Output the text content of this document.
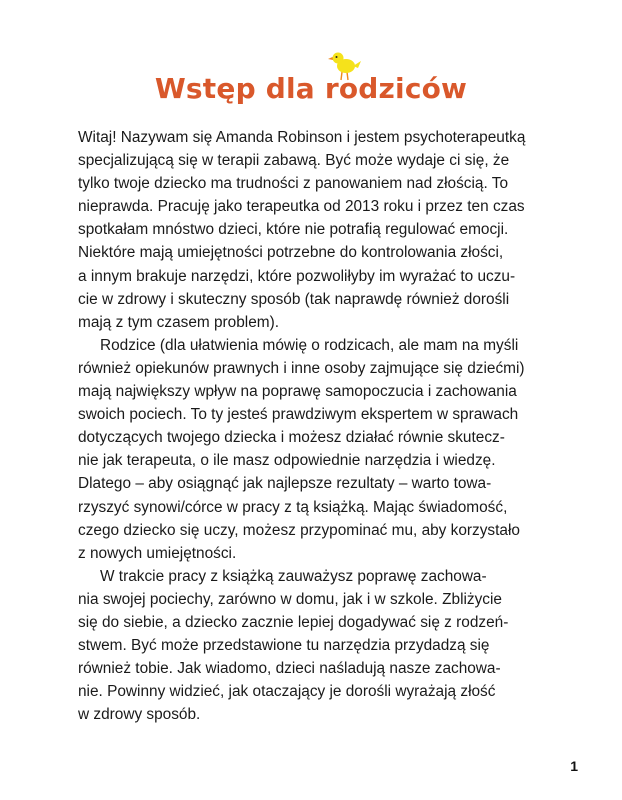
Wstęp dla rodziców

Witaj! Nazywam się Amanda Robinson i jestem psychoterapeutką
specjalizującą się w terapii zabawą. Być może wydaje ci się, że
tylko twoje dziecko ma trudności z panowaniem nad złością. To
nieprawda. Pracuję jako terapeutka od 2013 roku i przez ten czas
spotkałam mnóstwo dzieci, które nie potrafią regulować emocji.
Niektóre mają umiejętności potrzebne do kontrolowania złości,
a innym brakuje narzędzi, które pozwoliłyby im wyrażać to uczu-
cie w zdrowy i skuteczny sposób (tak naprawdę również dorośli
mają z tym czasem problem).

Rodzice (dla ułatwienia mówię o rodzicach, ale mam na myśli
również opiekunów prawnych i inne osoby zajmujące się dziećmi)
mają największy wpływ na poprawę samopoczucia i zachowania
swoich pociech. To ty jesteś prawdziwym ekspertem w sprawach
dotyczących twojego dziecka i możesz działać równie skutecz-
nie jak terapeuta, o ile masz odpowiednie narzędzia i wiedzę.
Dlatego – aby osiągnąć jak najlepsze rezultaty – warto towa-
rzyszyć synowi/córce w pracy z tą książką. Mając świadomość,
czego dziecko się uczy, możesz przypominać mu, aby korzystało
z nowych umiejętności.

W trakcie pracy z książką zauważysz poprawę zachowa-
nia swojej pociechy, zarówno w domu, jak i w szkole. Zbliżycie
się do siebie, a dziecko zacznie lepiej dogadywać się z rodzeń-
stwem. Być może przedstawione tu narzędzia przydadzą się
również tobie. Jak wiadomo, dzieci naśladują nasze zachowa-
nie. Powinny widzieć, jak otaczający je dorośli wyrażają złość
w zdrowy sposób.

1
